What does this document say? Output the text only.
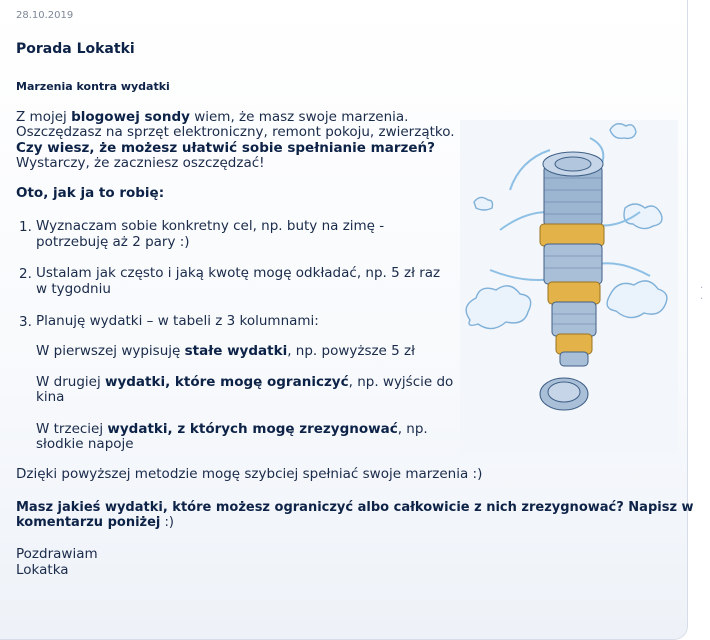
28.10.2019
Porada Lokatki
Marzenia kontra wydatki
Z mojej blogowej sondy wiem, że masz swoje marzenia.
Oszczędzasz na sprzęt elektroniczny, remont pokoju, zwierzątko.
Czy wiesz, że możesz ułatwić sobie spełnianie marzeń?
Wystarczy, że zaczniesz oszczędzać!
Oto, jak ja to robię:
1. Wyznaczam sobie konkretny cel, np. buty na zimę -
potrzebuję aż 2 pary :)
2. Ustalam jak często i jaką kwotę mogę odkładać, np. 5 zł raz
w tygodniu
3. Planuję wydatki – w tabeli z 3 kolumnami:
W pierwszej wypisuję stałe wydatki, np. powyższe 5 zł
W drugiej wydatki, które mogę ograniczyć, np. wyjście do
kina
W trzeciej wydatki, z których mogę zrezygnować, np.
słodkie napoje
Dzięki powyższej metodzie mogę szybciej spełniać swoje marzenia :)
Masz jakieś wydatki, które możesz ograniczyć albo całkowicie z nich zrezygnować? Napisz w
komentarzu poniżej :)
Pozdrawiam
Lokatka
· ·
